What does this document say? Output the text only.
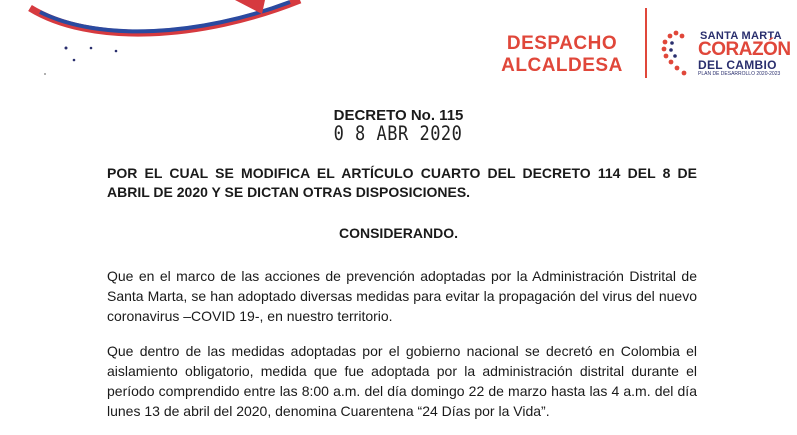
DESPACHO
ALCALDESA
SANTA MARTA
CORAZÓN
DEL CAMBIO
PLAN DE DESARROLLO 2020-2023
DECRETO No. 115
0 8 ABR 2020
POR EL CUAL SE MODIFICA EL ARTÍCULO CUARTO DEL DECRETO 114 DEL 8 DE ABRIL DE 2020 Y SE DICTAN OTRAS DISPOSICIONES.
CONSIDERANDO.
Que en el marco de las acciones de prevención adoptadas por la Administración Distrital de Santa Marta, se han adoptado diversas medidas para evitar la propagación del virus del nuevo coronavirus –COVID 19-, en nuestro territorio.
Que dentro de las medidas adoptadas por el gobierno nacional se decretó en Colombia el aislamiento obligatorio, medida que fue adoptada por la administración distrital durante el período comprendido entre las 8:00 a.m. del día domingo 22 de marzo hasta las 4 a.m. del día lunes 13 de abril del 2020, denomina Cuarentena “24 Días por la Vida”.
